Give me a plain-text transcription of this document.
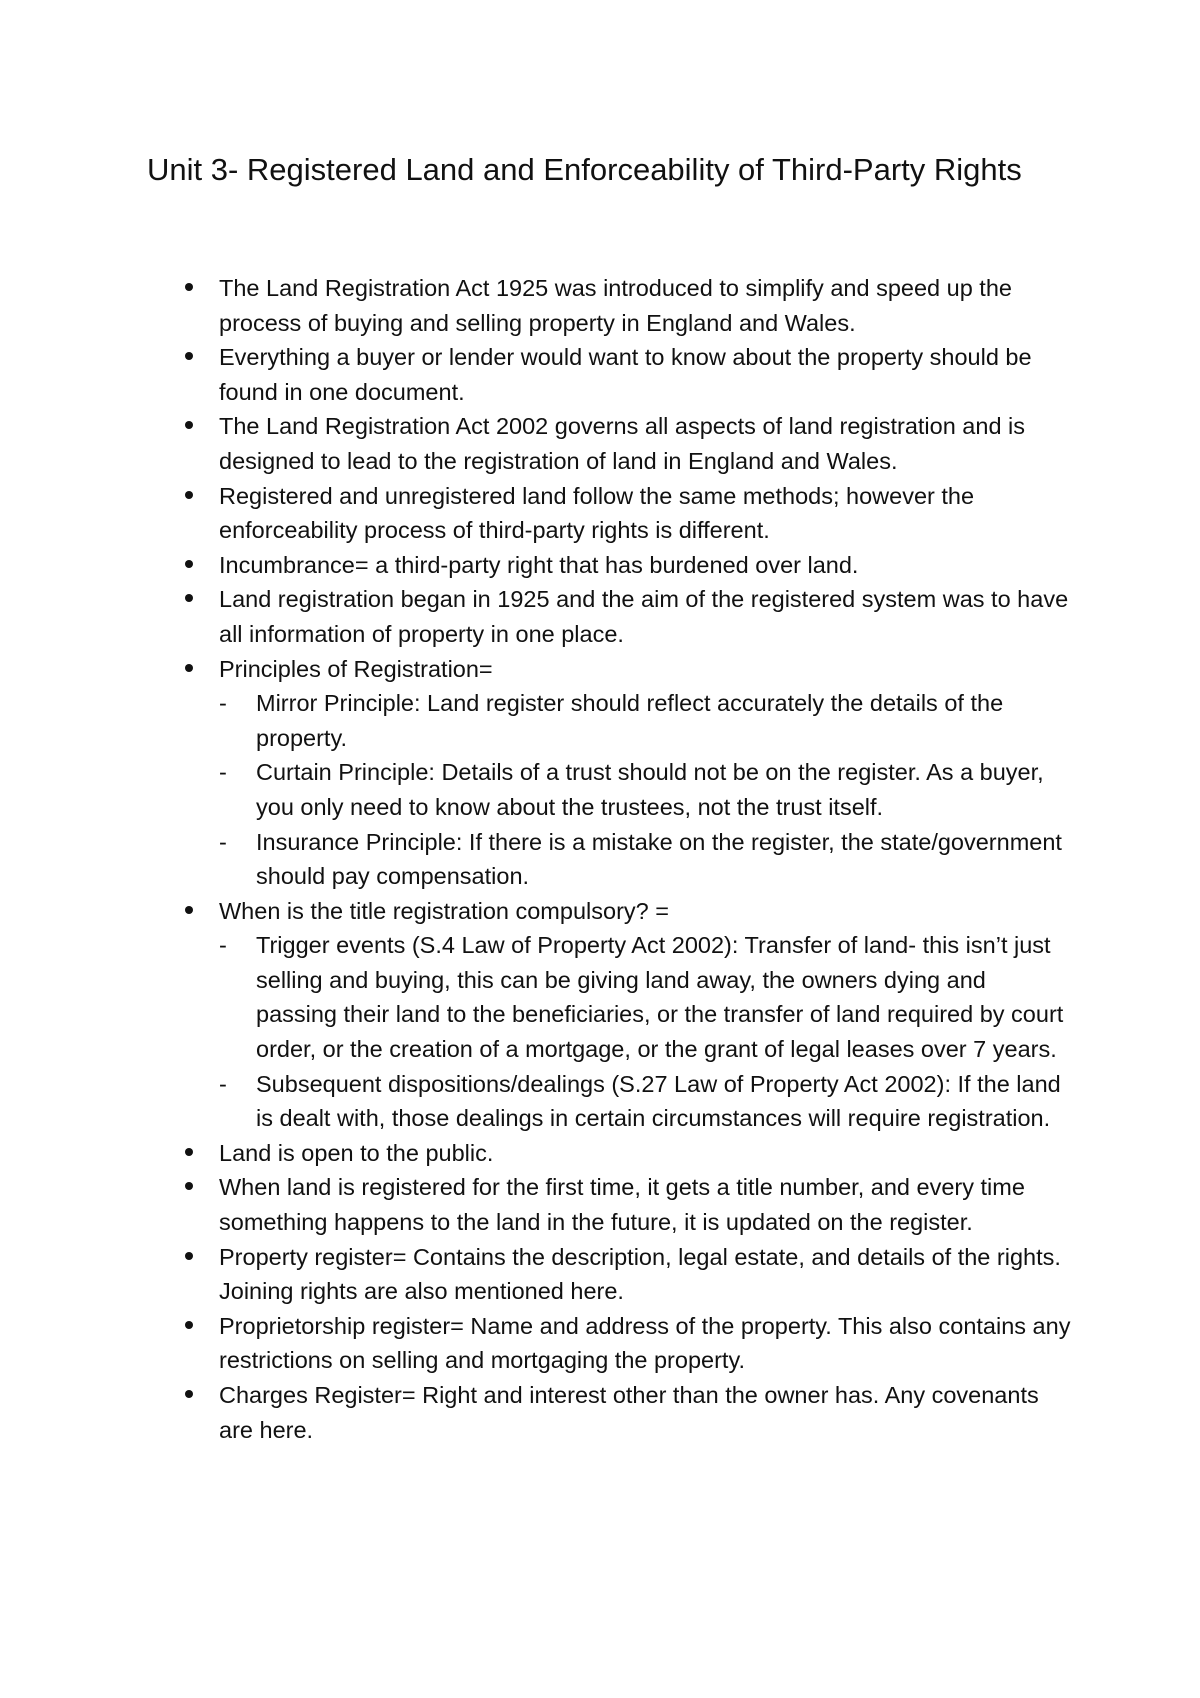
Unit 3- Registered Land and Enforceability of Third-Party Rights
The Land Registration Act 1925 was introduced to simplify and speed up the process of buying and selling property in England and Wales.
Everything a buyer or lender would want to know about the property should be found in one document.
The Land Registration Act 2002 governs all aspects of land registration and is designed to lead to the registration of land in England and Wales.
Registered and unregistered land follow the same methods; however the enforceability process of third-party rights is different.
Incumbrance= a third-party right that has burdened over land.
Land registration began in 1925 and the aim of the registered system was to have all information of property in one place.
Principles of Registration=
-	Mirror Principle: Land register should reflect accurately the details of the property.
-	Curtain Principle: Details of a trust should not be on the register. As a buyer, you only need to know about the trustees, not the trust itself.
-	Insurance Principle: If there is a mistake on the register, the state/government should pay compensation.
When is the title registration compulsory? =
-	Trigger events (S.4 Law of Property Act 2002): Transfer of land- this isn’t just selling and buying, this can be giving land away, the owners dying and passing their land to the beneficiaries, or the transfer of land required by court order, or the creation of a mortgage, or the grant of legal leases over 7 years.
-	Subsequent dispositions/dealings (S.27 Law of Property Act 2002): If the land is dealt with, those dealings in certain circumstances will require registration.
Land is open to the public.
When land is registered for the first time, it gets a title number, and every time something happens to the land in the future, it is updated on the register.
Property register= Contains the description, legal estate, and details of the rights. Joining rights are also mentioned here.
Proprietorship register= Name and address of the property. This also contains any restrictions on selling and mortgaging the property.
Charges Register= Right and interest other than the owner has. Any covenants are here.
